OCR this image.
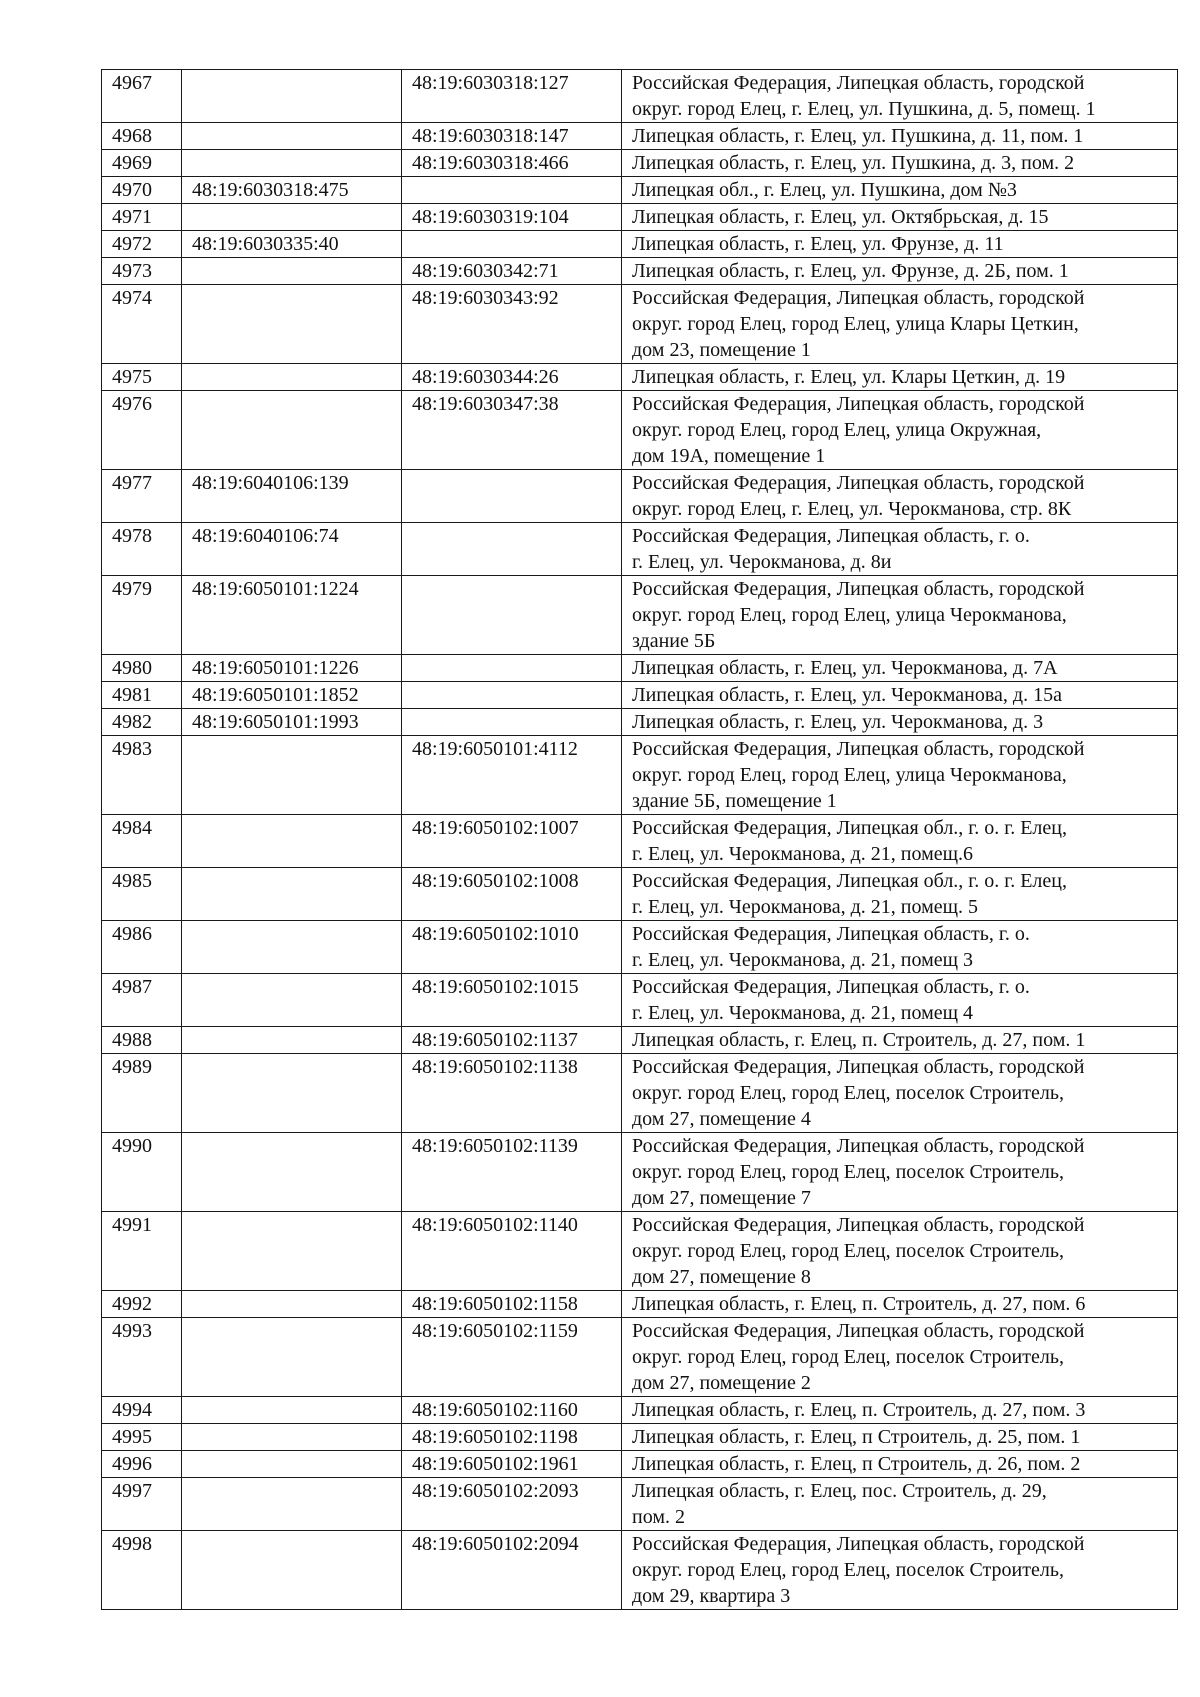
4967		48:19:6030318:127	Российская Федерация, Липецкая область, городской
округ. город Елец, г. Елец, ул. Пушкина, д. 5, помещ. 1

4968		48:19:6030318:147	Липецкая область, г. Елец, ул. Пушкина, д. 11, пом. 1

4969		48:19:6030318:466	Липецкая область, г. Елец, ул. Пушкина, д. 3, пом. 2

4970	48:19:6030318:475		Липецкая обл., г. Елец, ул. Пушкина, дом №3

4971		48:19:6030319:104	Липецкая область, г. Елец, ул. Октябрьская, д. 15

4972	48:19:6030335:40		Липецкая область, г. Елец, ул. Фрунзе, д. 11

4973		48:19:6030342:71	Липецкая область, г. Елец, ул. Фрунзе, д. 2Б, пом. 1

4974		48:19:6030343:92	Российская Федерация, Липецкая область, городской
округ. город Елец, город Елец, улица Клары Цеткин,
дом 23, помещение 1

4975		48:19:6030344:26	Липецкая область, г. Елец, ул. Клары Цеткин, д. 19

4976		48:19:6030347:38	Российская Федерация, Липецкая область, городской
округ. город Елец, город Елец, улица Окружная,
дом 19А, помещение 1

4977	48:19:6040106:139		Российская Федерация, Липецкая область, городской
округ. город Елец, г. Елец, ул. Черокманова, стр. 8К

4978	48:19:6040106:74		Российская Федерация, Липецкая область, г. о.
г. Елец, ул. Черокманова, д. 8и

4979	48:19:6050101:1224		Российская Федерация, Липецкая область, городской
округ. город Елец, город Елец, улица Черокманова,
здание 5Б

4980	48:19:6050101:1226		Липецкая область, г. Елец, ул. Черокманова, д. 7А

4981	48:19:6050101:1852		Липецкая область, г. Елец, ул. Черокманова, д. 15а

4982	48:19:6050101:1993		Липецкая область, г. Елец, ул. Черокманова, д. 3

4983		48:19:6050101:4112	Российская Федерация, Липецкая область, городской
округ. город Елец, город Елец, улица Черокманова,
здание 5Б, помещение 1

4984		48:19:6050102:1007	Российская Федерация, Липецкая обл., г. о. г. Елец,
г. Елец, ул. Черокманова, д. 21, помещ.6

4985		48:19:6050102:1008	Российская Федерация, Липецкая обл., г. о. г. Елец,
г. Елец, ул. Черокманова, д. 21, помещ. 5

4986		48:19:6050102:1010	Российская Федерация, Липецкая область, г. о.
г. Елец, ул. Черокманова, д. 21, помещ 3

4987		48:19:6050102:1015	Российская Федерация, Липецкая область, г. о.
г. Елец, ул. Черокманова, д. 21, помещ 4

4988		48:19:6050102:1137	Липецкая область, г. Елец, п. Строитель, д. 27, пом. 1

4989		48:19:6050102:1138	Российская Федерация, Липецкая область, городской
округ. город Елец, город Елец, поселок Строитель,
дом 27, помещение 4

4990		48:19:6050102:1139	Российская Федерация, Липецкая область, городской
округ. город Елец, город Елец, поселок Строитель,
дом 27, помещение 7

4991		48:19:6050102:1140	Российская Федерация, Липецкая область, городской
округ. город Елец, город Елец, поселок Строитель,
дом 27, помещение 8

4992		48:19:6050102:1158	Липецкая область, г. Елец, п. Строитель, д. 27, пом. 6

4993		48:19:6050102:1159	Российская Федерация, Липецкая область, городской
округ. город Елец, город Елец, поселок Строитель,
дом 27, помещение 2

4994		48:19:6050102:1160	Липецкая область, г. Елец, п. Строитель, д. 27, пом. 3

4995		48:19:6050102:1198	Липецкая область, г. Елец, п Строитель, д. 25, пом. 1

4996		48:19:6050102:1961	Липецкая область, г. Елец, п Строитель, д. 26, пом. 2

4997		48:19:6050102:2093	Липецкая область, г. Елец, пос. Строитель, д. 29,
пом. 2

4998		48:19:6050102:2094	Российская Федерация, Липецкая область, городской
округ. город Елец, город Елец, поселок Строитель,
дом 29, квартира 3
